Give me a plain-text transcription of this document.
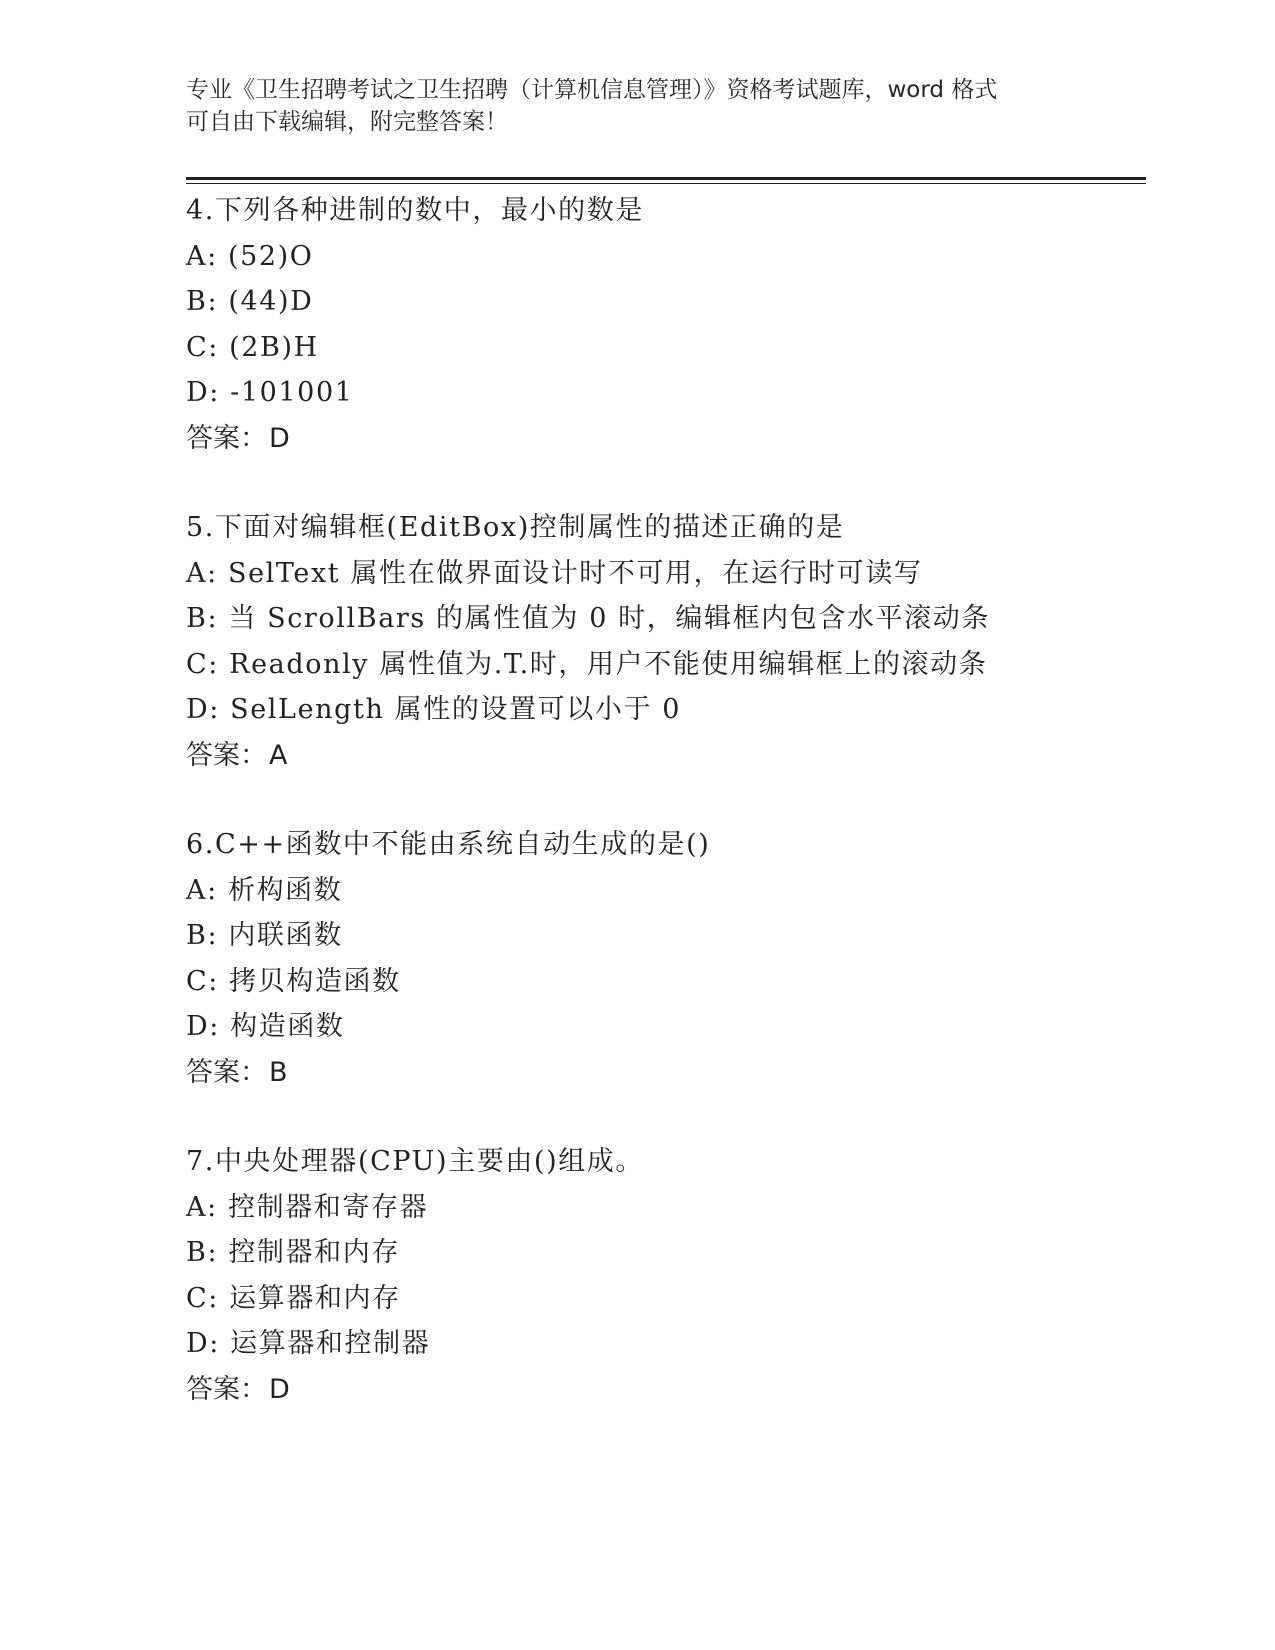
专业《卫生招聘考试之卫生招聘（计算机信息管理）》资格考试题库，word 格式
可自由下载编辑，附完整答案！
4.下列各种进制的数中，最小的数是
A: (52)O
B: (44)D
C: (2B)H
D: -101001
答案：D
5.下面对编辑框(EditBox)控制属性的描述正确的是
A: SelText 属性在做界面设计时不可用，在运行时可读写
B: 当 ScrollBars 的属性值为 0 时，编辑框内包含水平滚动条
C: Readonly 属性值为.T.时，用户不能使用编辑框上的滚动条
D: SelLength 属性的设置可以小于 0
答案：A
6.C++函数中不能由系统自动生成的是()
A: 析构函数
B: 内联函数
C: 拷贝构造函数
D: 构造函数
答案：B
7.中央处理器(CPU)主要由()组成。
A: 控制器和寄存器
B: 控制器和内存
C: 运算器和内存
D: 运算器和控制器
答案：D
